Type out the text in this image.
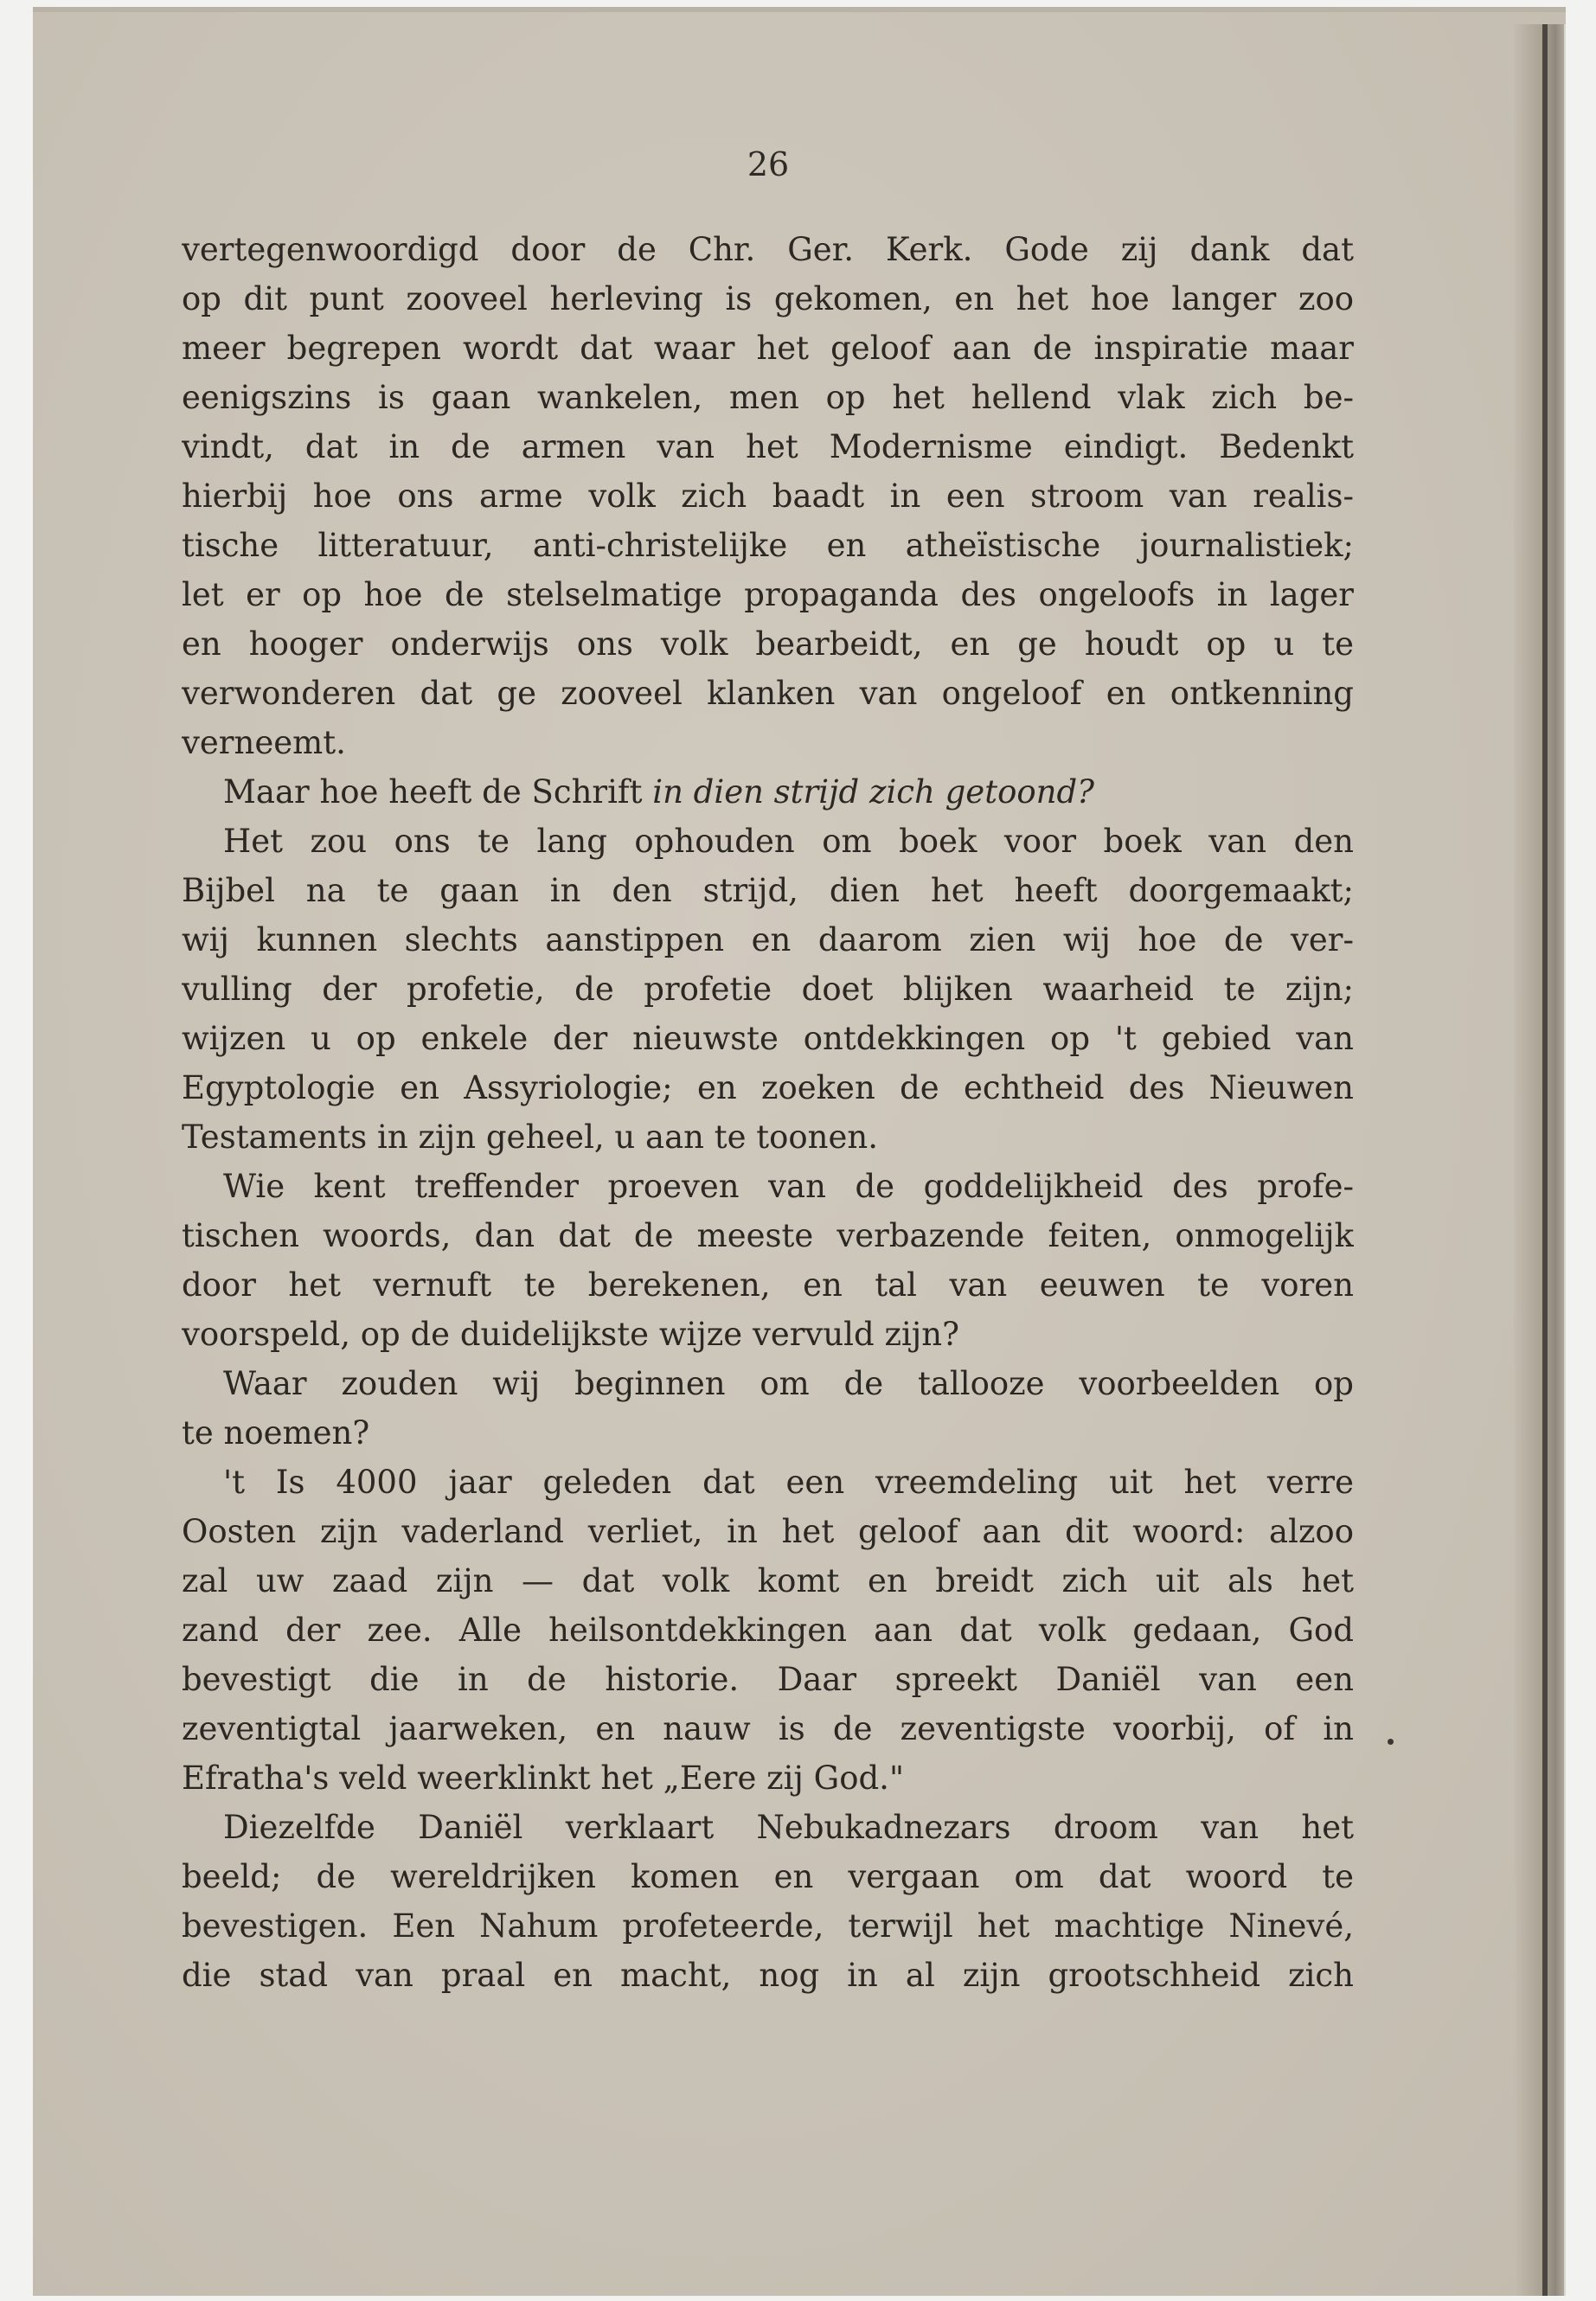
26
vertegenwoordigd door de Chr. Ger. Kerk. Gode zij dank dat
op dit punt zooveel herleving is gekomen, en het hoe langer zoo
meer begrepen wordt dat waar het geloof aan de inspiratie maar
eenigszins is gaan wankelen, men op het hellend vlak zich be-
vindt, dat in de armen van het Modernisme eindigt. Bedenkt
hierbij hoe ons arme volk zich baadt in een stroom van realis-
tische litteratuur, anti-christelijke en atheïstische journalistiek;
let er op hoe de stelselmatige propaganda des ongeloofs in lager
en hooger onderwijs ons volk bearbeidt, en ge houdt op u te
verwonderen dat ge zooveel klanken van ongeloof en ontkenning
verneemt.
Maar hoe heeft de Schrift in dien strijd zich getoond?
Het zou ons te lang ophouden om boek voor boek van den
Bijbel na te gaan in den strijd, dien het heeft doorgemaakt;
wij kunnen slechts aanstippen en daarom zien wij hoe de ver-
vulling der profetie, de profetie doet blijken waarheid te zijn;
wijzen u op enkele der nieuwste ontdekkingen op 't gebied van
Egyptologie en Assyriologie; en zoeken de echtheid des Nieuwen
Testaments in zijn geheel, u aan te toonen.
Wie kent treffender proeven van de goddelijkheid des profe-
tischen woords, dan dat de meeste verbazende feiten, onmogelijk
door het vernuft te berekenen, en tal van eeuwen te voren
voorspeld, op de duidelijkste wijze vervuld zijn?
Waar zouden wij beginnen om de tallooze voorbeelden op
te noemen?
't Is 4000 jaar geleden dat een vreemdeling uit het verre
Oosten zijn vaderland verliet, in het geloof aan dit woord: alzoo
zal uw zaad zijn — dat volk komt en breidt zich uit als het
zand der zee. Alle heilsontdekkingen aan dat volk gedaan, God
bevestigt die in de historie. Daar spreekt Daniël van een
zeventigtal jaarweken, en nauw is de zeventigste voorbij, of in
Efratha's veld weerklinkt het „Eere zij God."
Diezelfde Daniël verklaart Nebukadnezars droom van het
beeld; de wereldrijken komen en vergaan om dat woord te
bevestigen. Een Nahum profeteerde, terwijl het machtige Ninevé,
die stad van praal en macht, nog in al zijn grootschheid zich
